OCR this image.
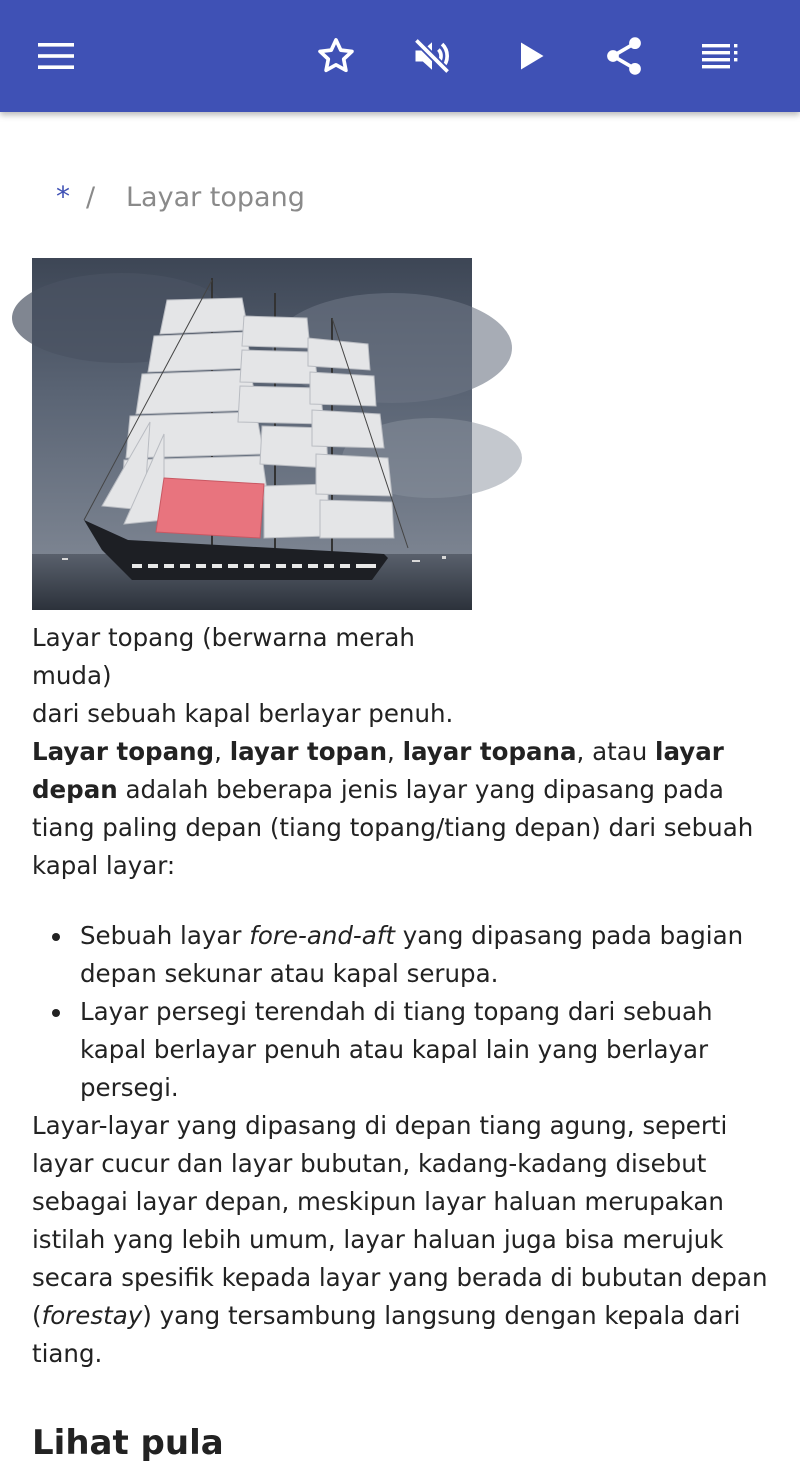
* /	Layar topang
Layar topang (berwarna merah muda)
dari sebuah kapal berlayar penuh.

Layar topang, layar topan, layar topana, atau layar depan adalah beberapa jenis layar yang dipasang pada tiang paling depan (tiang topang/tiang depan) dari sebuah kapal layar:

Sebuah layar fore-and-aft yang dipasang pada bagian depan sekunar atau kapal serupa.
Layar persegi terendah di tiang topang dari sebuah kapal berlayar penuh atau kapal lain yang berlayar persegi.

Layar-layar yang dipasang di depan tiang agung, seperti layar cucur dan layar bubutan, kadang-kadang disebut sebagai layar depan, meskipun layar haluan merupakan istilah yang lebih umum, layar haluan juga bisa merujuk secara spesifik kepada layar yang berada di bubutan depan (forestay) yang tersambung langsung dengan kepala dari tiang.

Lihat pula
